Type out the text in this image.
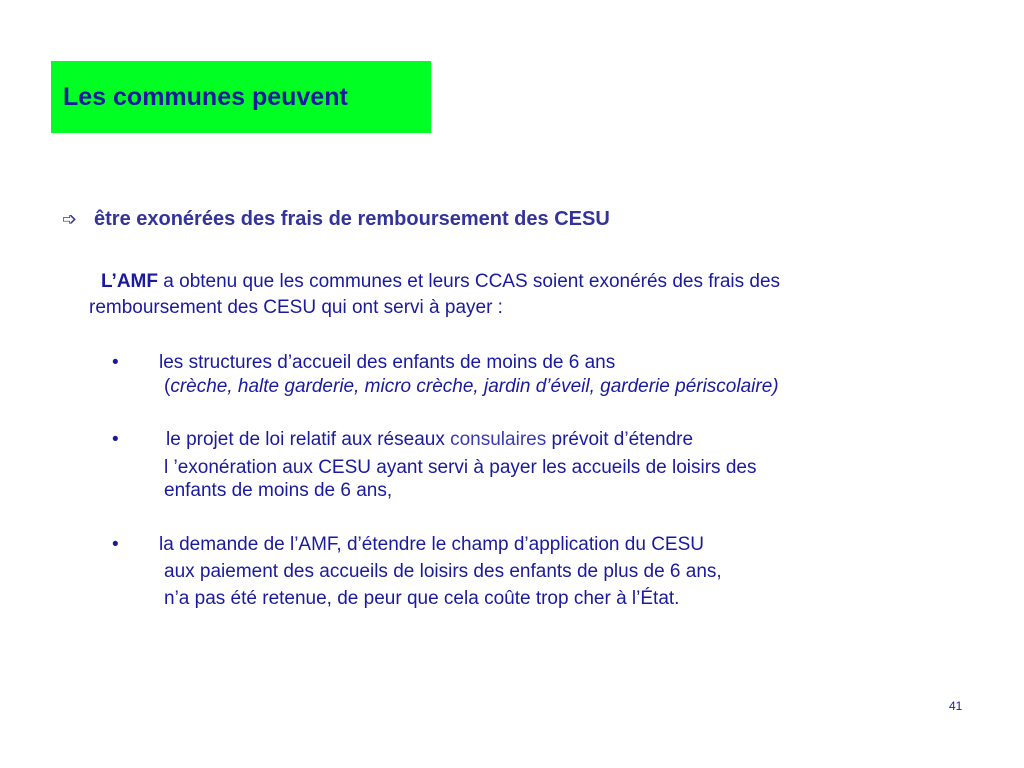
Les communes peuvent
➩ être exonérées des frais de remboursement des CESU
L’AMF a obtenu que les communes et leurs CCAS soient exonérés des frais des
remboursement des CESU qui ont servi à payer :
• les structures d’accueil des enfants de moins de 6 ans
(crèche, halte garderie, micro crèche, jardin d’éveil, garderie périscolaire)
• le projet de loi relatif aux réseaux consulaires prévoit d’étendre
l ’exonération aux CESU ayant servi à payer les accueils de loisirs des
enfants de moins de 6 ans,
• la demande de l’AMF, d’étendre le champ d’application du CESU
aux paiement des accueils de loisirs des enfants de plus de 6 ans,
n’a pas été retenue, de peur que cela coûte trop cher à l’État.
41
